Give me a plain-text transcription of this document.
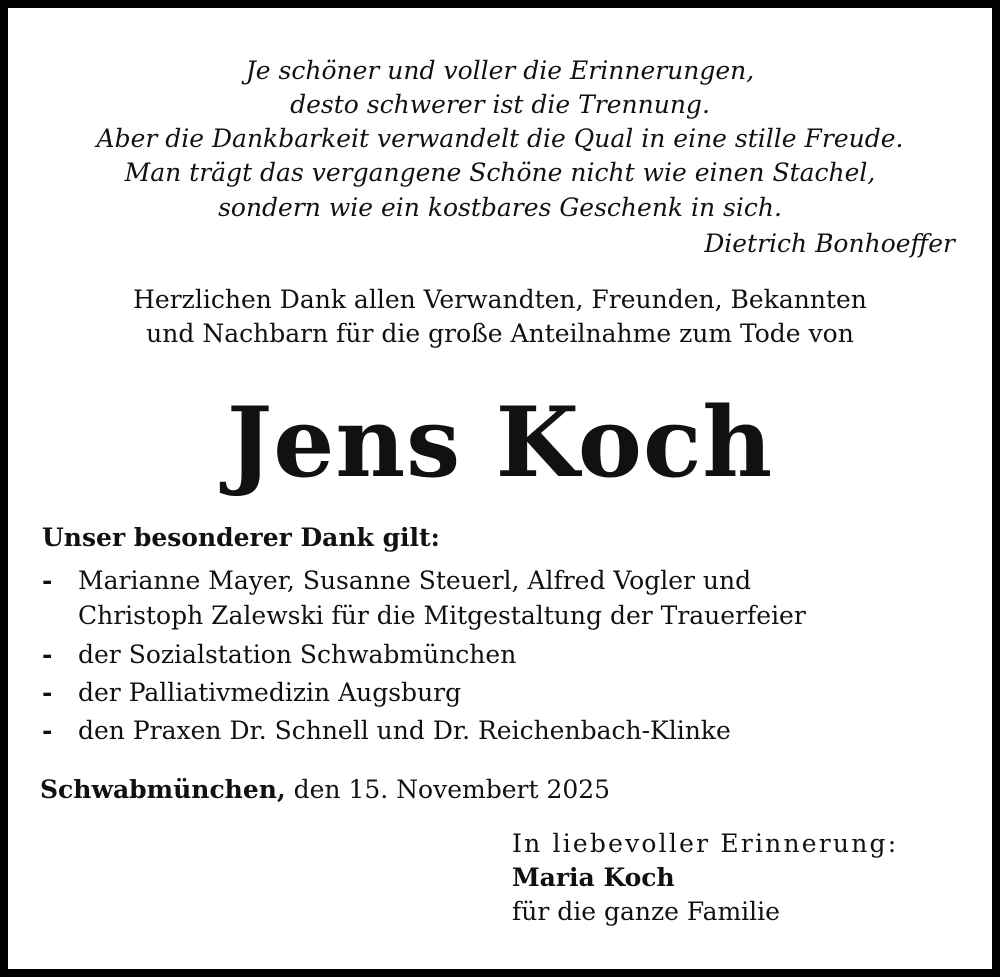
Je schöner und voller die Erinnerungen,
desto schwerer ist die Trennung.
Aber die Dankbarkeit verwandelt die Qual in eine stille Freude.
Man trägt das vergangene Schöne nicht wie einen Stachel,
sondern wie ein kostbares Geschenk in sich.
Dietrich Bonhoeffer
Herzlichen Dank allen Verwandten, Freunden, Bekannten
und Nachbarn für die große Anteilnahme zum Tode von
Jens Koch
Unser besonderer Dank gilt:
- Marianne Mayer, Susanne Steuerl, Alfred Vogler und
Christoph Zalewski für die Mitgestaltung der Trauerfeier
- der Sozialstation Schwabmünchen
- der Palliativmedizin Augsburg
- den Praxen Dr. Schnell und Dr. Reichenbach-Klinke
Schwabmünchen, den 15. Novembert 2025
In liebevoller Erinnerung:
Maria Koch
für die ganze Familie
